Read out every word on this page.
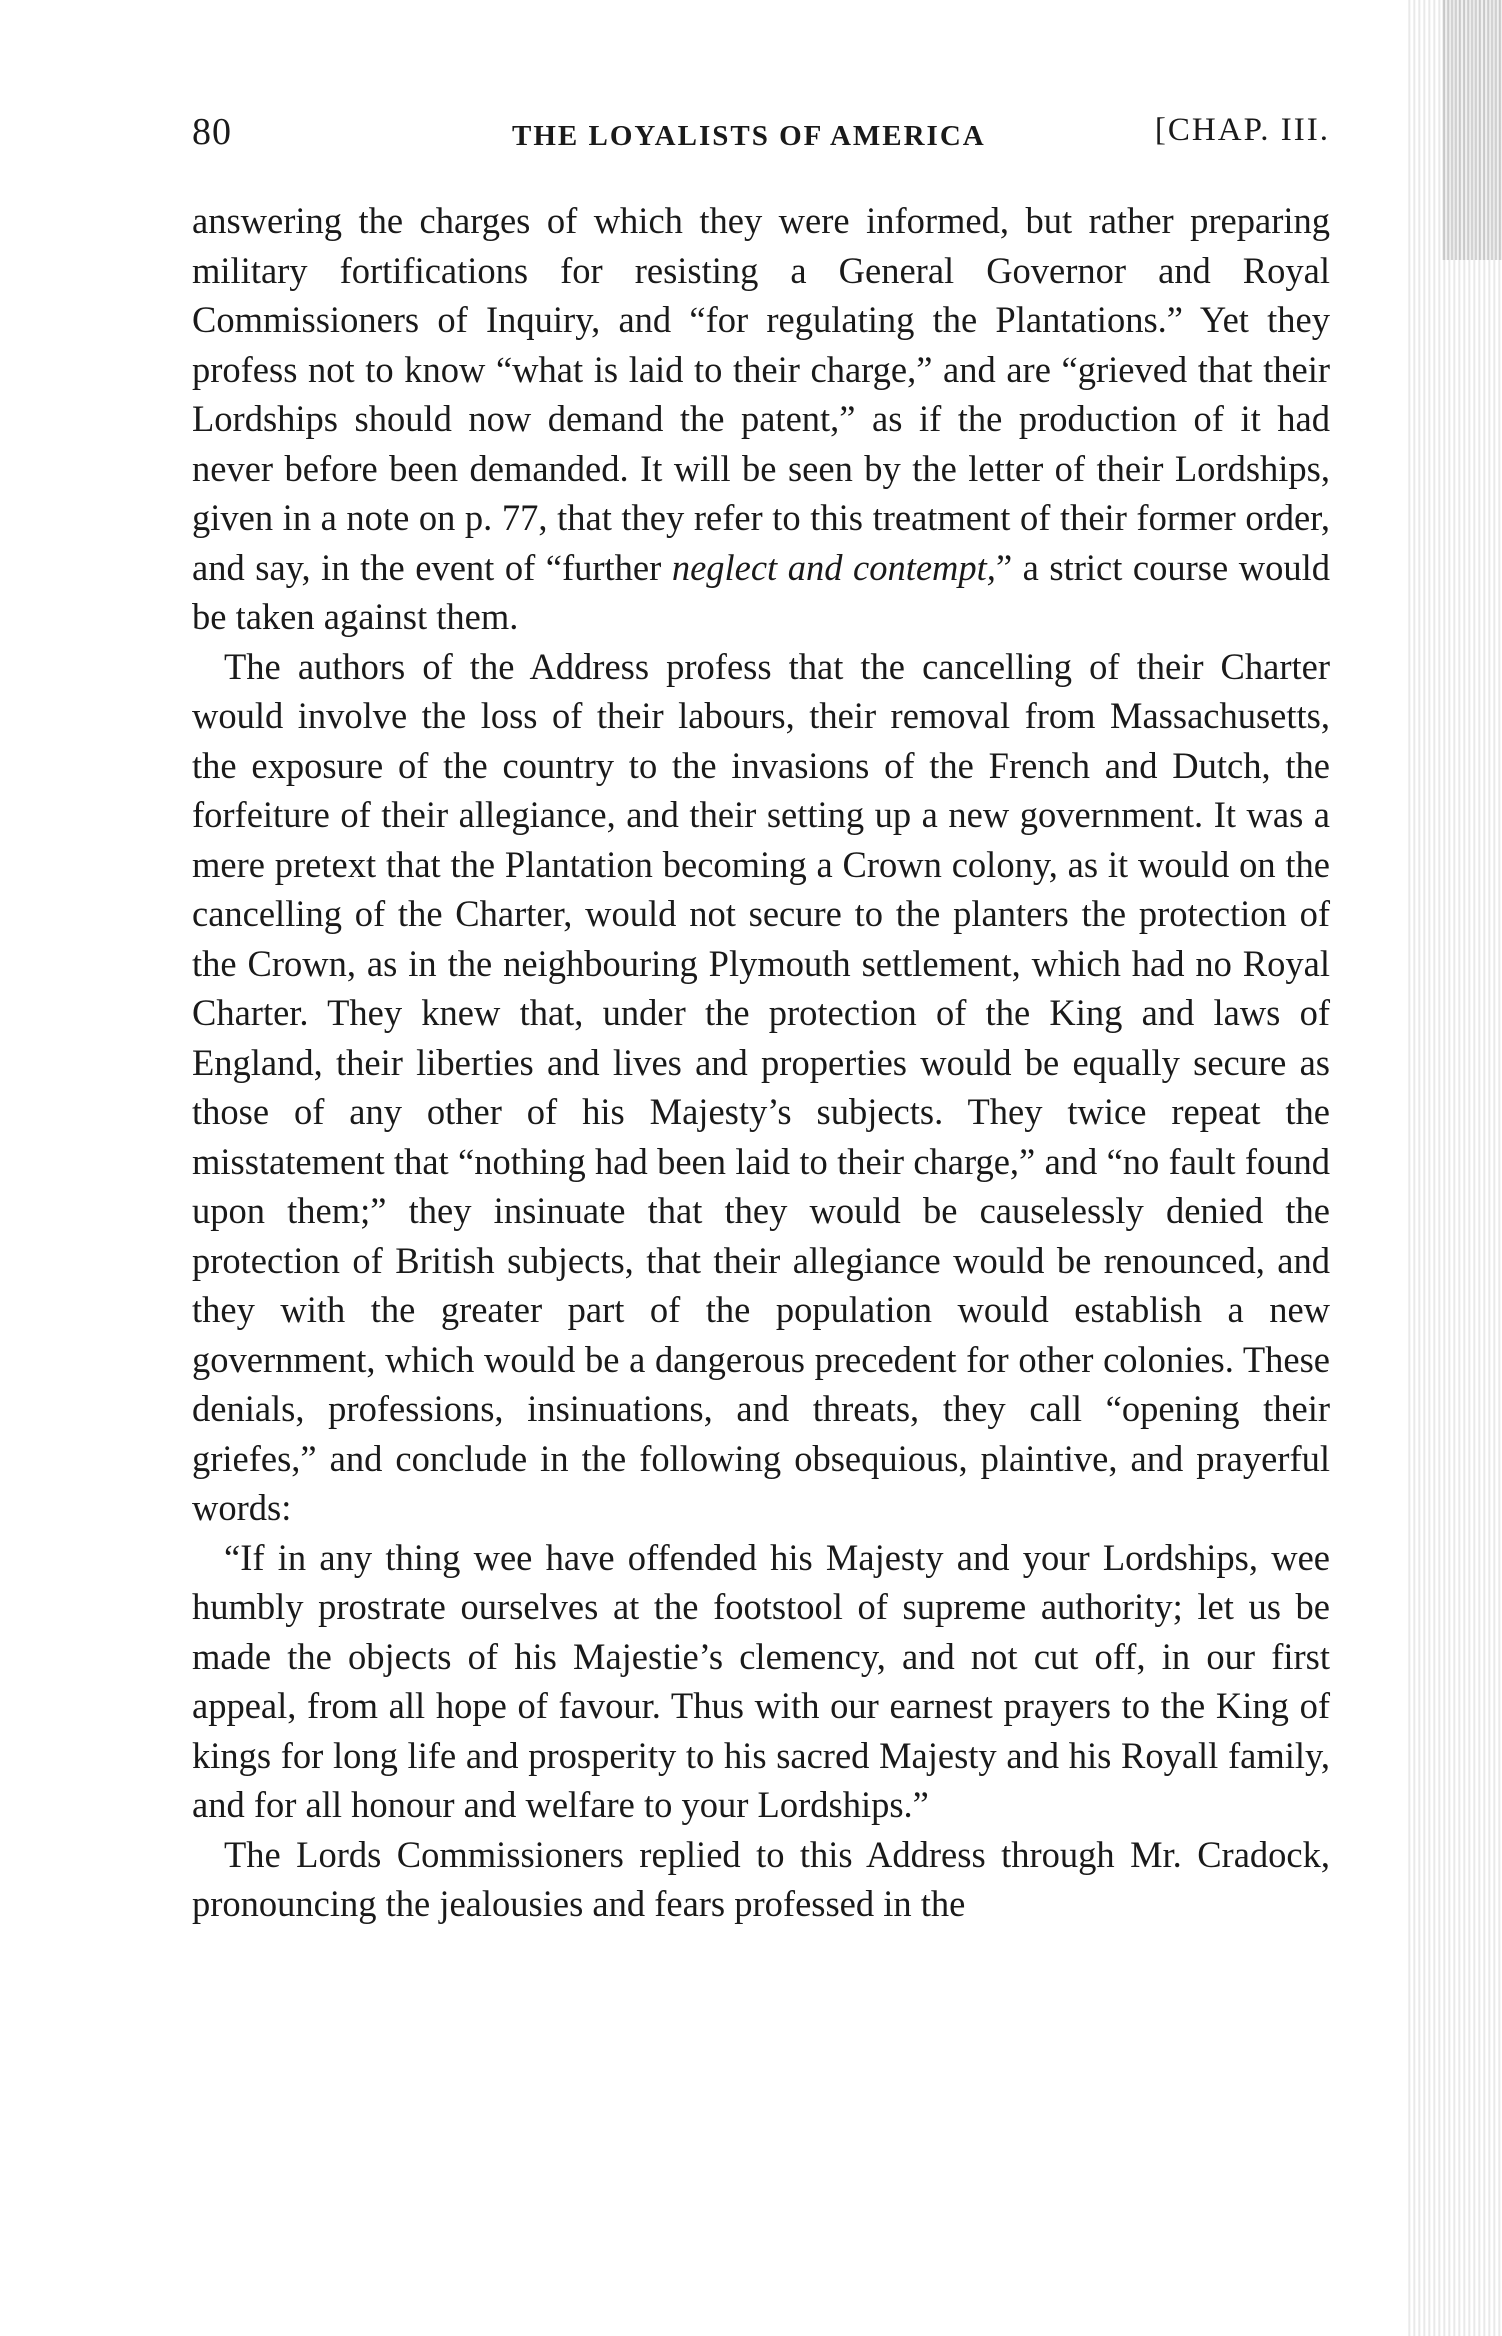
80	THE LOYALISTS OF AMERICA	[CHAP. III.

answering the charges of which they were informed, but rather preparing military fortifications for resisting a General Governor and Royal Commissioners of Inquiry, and “for regulating the Plantations.” Yet they profess not to know “what is laid to their charge,” and are “grieved that their Lordships should now demand the patent,” as if the production of it had never before been demanded. It will be seen by the letter of their Lordships, given in a note on p. 77, that they refer to this treatment of their former order, and say, in the event of “further neglect and contempt,” a strict course would be taken against them.

The authors of the Address profess that the cancelling of their Charter would involve the loss of their labours, their removal from Massachusetts, the exposure of the country to the invasions of the French and Dutch, the forfeiture of their allegiance, and their setting up a new government. It was a mere pretext that the Plantation becoming a Crown colony, as it would on the cancelling of the Charter, would not secure to the planters the protection of the Crown, as in the neighbouring Plymouth settlement, which had no Royal Charter. They knew that, under the protection of the King and laws of England, their liberties and lives and properties would be equally secure as those of any other of his Majesty’s subjects. They twice repeat the misstatement that “nothing had been laid to their charge,” and “no fault found upon them;” they insinuate that they would be causelessly denied the protection of British subjects, that their allegiance would be renounced, and they with the greater part of the population would establish a new government, which would be a dangerous precedent for other colonies. These denials, professions, insinuations, and threats, they call “opening their griefes,” and conclude in the following obsequious, plaintive, and prayerful words:

“If in any thing wee have offended his Majesty and your Lordships, wee humbly prostrate ourselves at the footstool of supreme authority; let us be made the objects of his Majestie’s clemency, and not cut off, in our first appeal, from all hope of favour. Thus with our earnest prayers to the King of kings for long life and prosperity to his sacred Majesty and his Royall family, and for all honour and welfare to your Lordships.”

The Lords Commissioners replied to this Address through Mr. Cradock, pronouncing the jealousies and fears professed in the
